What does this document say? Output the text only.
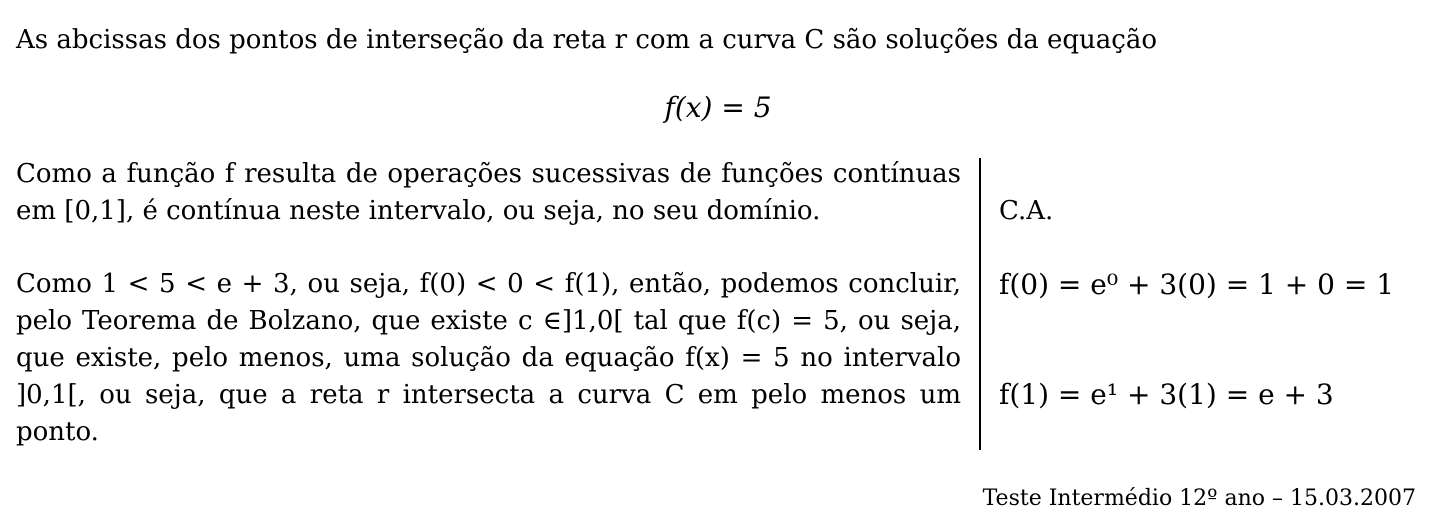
As abcissas dos pontos de interseção da reta r com a curva C são soluções da equação
f(x) = 5

Como a função f resulta de operações sucessivas de funções contínuas em [0,1], é contínua neste intervalo, ou seja, no seu domínio.

Como 1 < 5 < e + 3, ou seja, f(0) < 0 < f(1), então, podemos concluir, pelo Teorema de Bolzano, que existe c ∈]1,0[ tal que f(c) = 5, ou seja, que existe, pelo menos, uma solução da equação f(x) = 5 no intervalo ]0,1[, ou seja, que a reta r intersecta a curva C em pelo menos um ponto.

C.A.
f(0) = e⁰ + 3(0) = 1 + 0 = 1
f(1) = e¹ + 3(1) = e + 3
Teste Intermédio 12º ano – 15.03.2007
